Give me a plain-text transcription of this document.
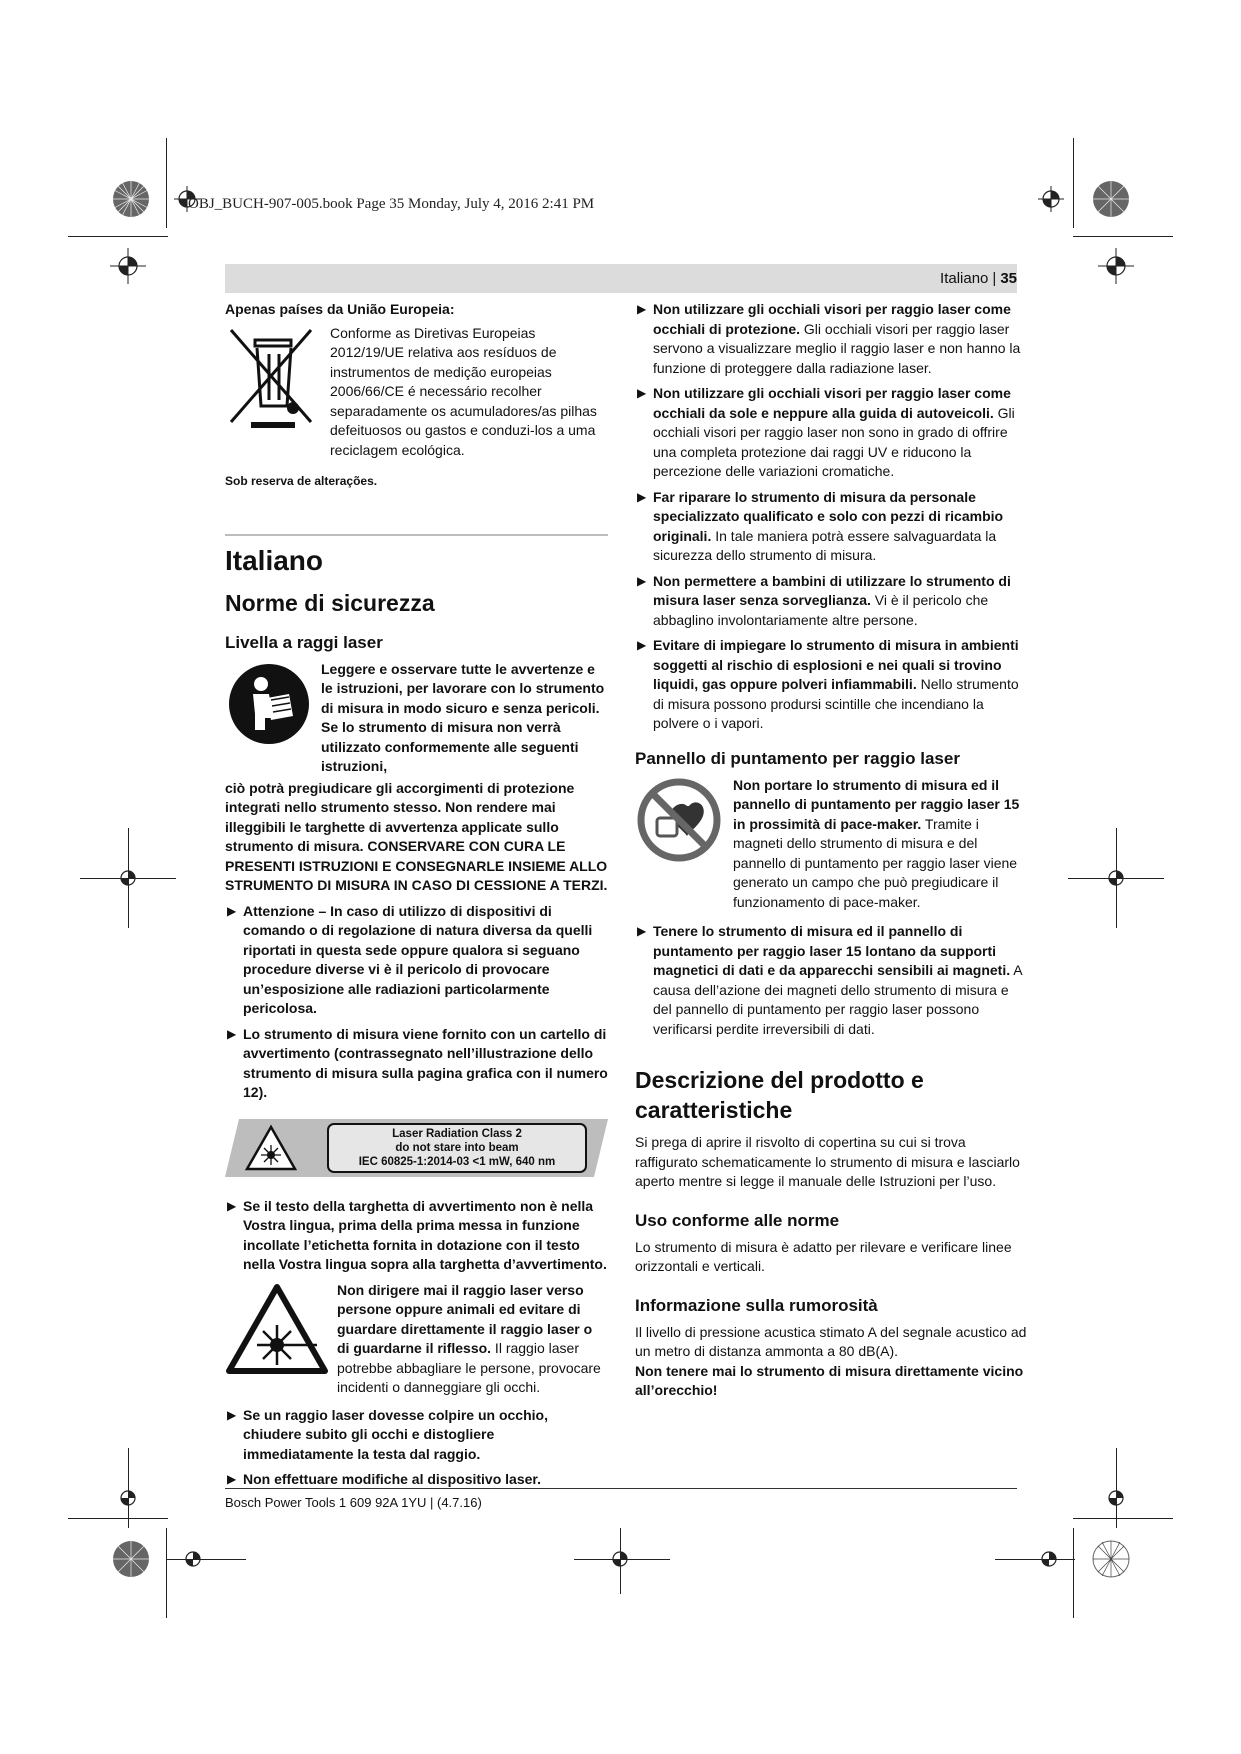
OBJ_BUCH-907-005.book Page 35 Monday, July 4, 2016 2:41 PM
Italiano | 35

Apenas países da União Europeia:

Conforme as Diretivas Europeias 2012/19/UE relativa aos resíduos de instrumentos de medição europeias 2006/66/CE é necessário recolher separadamente os acumuladores/as pilhas defeituosos ou gastos e conduzi-los a uma reciclagem ecológica.

Sob reserva de alterações.

Italiano

Norme di sicurezza

Livella a raggi laser

Leggere e osservare tutte le avvertenze e le istruzioni, per lavorare con lo strumento di misura in modo sicuro e senza pericoli. Se lo strumento di misura non verrà utilizzato conformemente alle seguenti istruzioni,

ciò potrà pregiudicare gli accorgimenti di protezione integrati nello strumento stesso. Non rendere mai illeggibili le targhette di avvertenza applicate sullo strumento di misura. CONSERVARE CON CURA LE PRESENTI ISTRUZIONI E CONSEGNARLE INSIEME ALLO STRUMENTO DI MISURA IN CASO DI CESSIONE A TERZI.

▶ Attenzione – In caso di utilizzo di dispositivi di comando o di regolazione di natura diversa da quelli riportati in questa sede oppure qualora si seguano procedure diverse vi è il pericolo di provocare un’esposizione alle radiazioni particolarmente pericolosa.
▶ Lo strumento di misura viene fornito con un cartello di avvertimento (contrassegnato nell’illustrazione dello strumento di misura sulla pagina grafica con il numero 12).
Laser Radiation Class 2
do not stare into beam
IEC 60825-1:2014-03 <1 mW, 640 nm
▶ Se il testo della targhetta di avvertimento non è nella Vostra lingua, prima della prima messa in funzione incollate l’etichetta fornita in dotazione con il testo nella Vostra lingua sopra alla targhetta d’avvertimento.

Non dirigere mai il raggio laser verso persone oppure animali ed evitare di guardare direttamente il raggio laser o di guardarne il riflesso. Il raggio laser potrebbe abbagliare le persone, provocare incidenti o danneggiare gli occhi.

▶ Se un raggio laser dovesse colpire un occhio, chiudere subito gli occhi e distogliere immediatamente la testa dal raggio.
▶ Non effettuare modifiche al dispositivo laser.
▶ Non utilizzare gli occhiali visori per raggio laser come occhiali di protezione. Gli occhiali visori per raggio laser servono a visualizzare meglio il raggio laser e non hanno la funzione di proteggere dalla radiazione laser.
▶ Non utilizzare gli occhiali visori per raggio laser come occhiali da sole e neppure alla guida di autoveicoli. Gli occhiali visori per raggio laser non sono in grado di offrire una completa protezione dai raggi UV e riducono la percezione delle variazioni cromatiche.
▶ Far riparare lo strumento di misura da personale specializzato qualificato e solo con pezzi di ricambio originali. In tale maniera potrà essere salvaguardata la sicurezza dello strumento di misura.
▶ Non permettere a bambini di utilizzare lo strumento di misura laser senza sorveglianza. Vi è il pericolo che abbaglino involontariamente altre persone.
▶ Evitare di impiegare lo strumento di misura in ambienti soggetti al rischio di esplosioni e nei quali si trovino liquidi, gas oppure polveri infiammabili. Nello strumento di misura possono prodursi scintille che incendiano la polvere o i vapori.

Pannello di puntamento per raggio laser

Non portare lo strumento di misura ed il pannello di puntamento per raggio laser 15 in prossimità di pace-maker. Tramite i magneti dello strumento di misura e del pannello di puntamento per raggio laser viene generato un campo che può pregiudicare il funzionamento di pace-maker.

▶ Tenere lo strumento di misura ed il pannello di puntamento per raggio laser 15 lontano da supporti magnetici di dati e da apparecchi sensibili ai magneti. A causa dell’azione dei magneti dello strumento di misura e del pannello di puntamento per raggio laser possono verificarsi perdite irreversibili di dati.

Descrizione del prodotto e caratteristiche

Si prega di aprire il risvolto di copertina su cui si trova raffigurato schematicamente lo strumento di misura e lasciarlo aperto mentre si legge il manuale delle Istruzioni per l’uso.

Uso conforme alle norme

Lo strumento di misura è adatto per rilevare e verificare linee orizzontali e verticali.

Informazione sulla rumorosità

Il livello di pressione acustica stimato A del segnale acustico ad un metro di distanza ammonta a 80 dB(A).

Non tenere mai lo strumento di misura direttamente vicino all’orecchio!

Bosch Power Tools 1 609 92A 1YU | (4.7.16)
